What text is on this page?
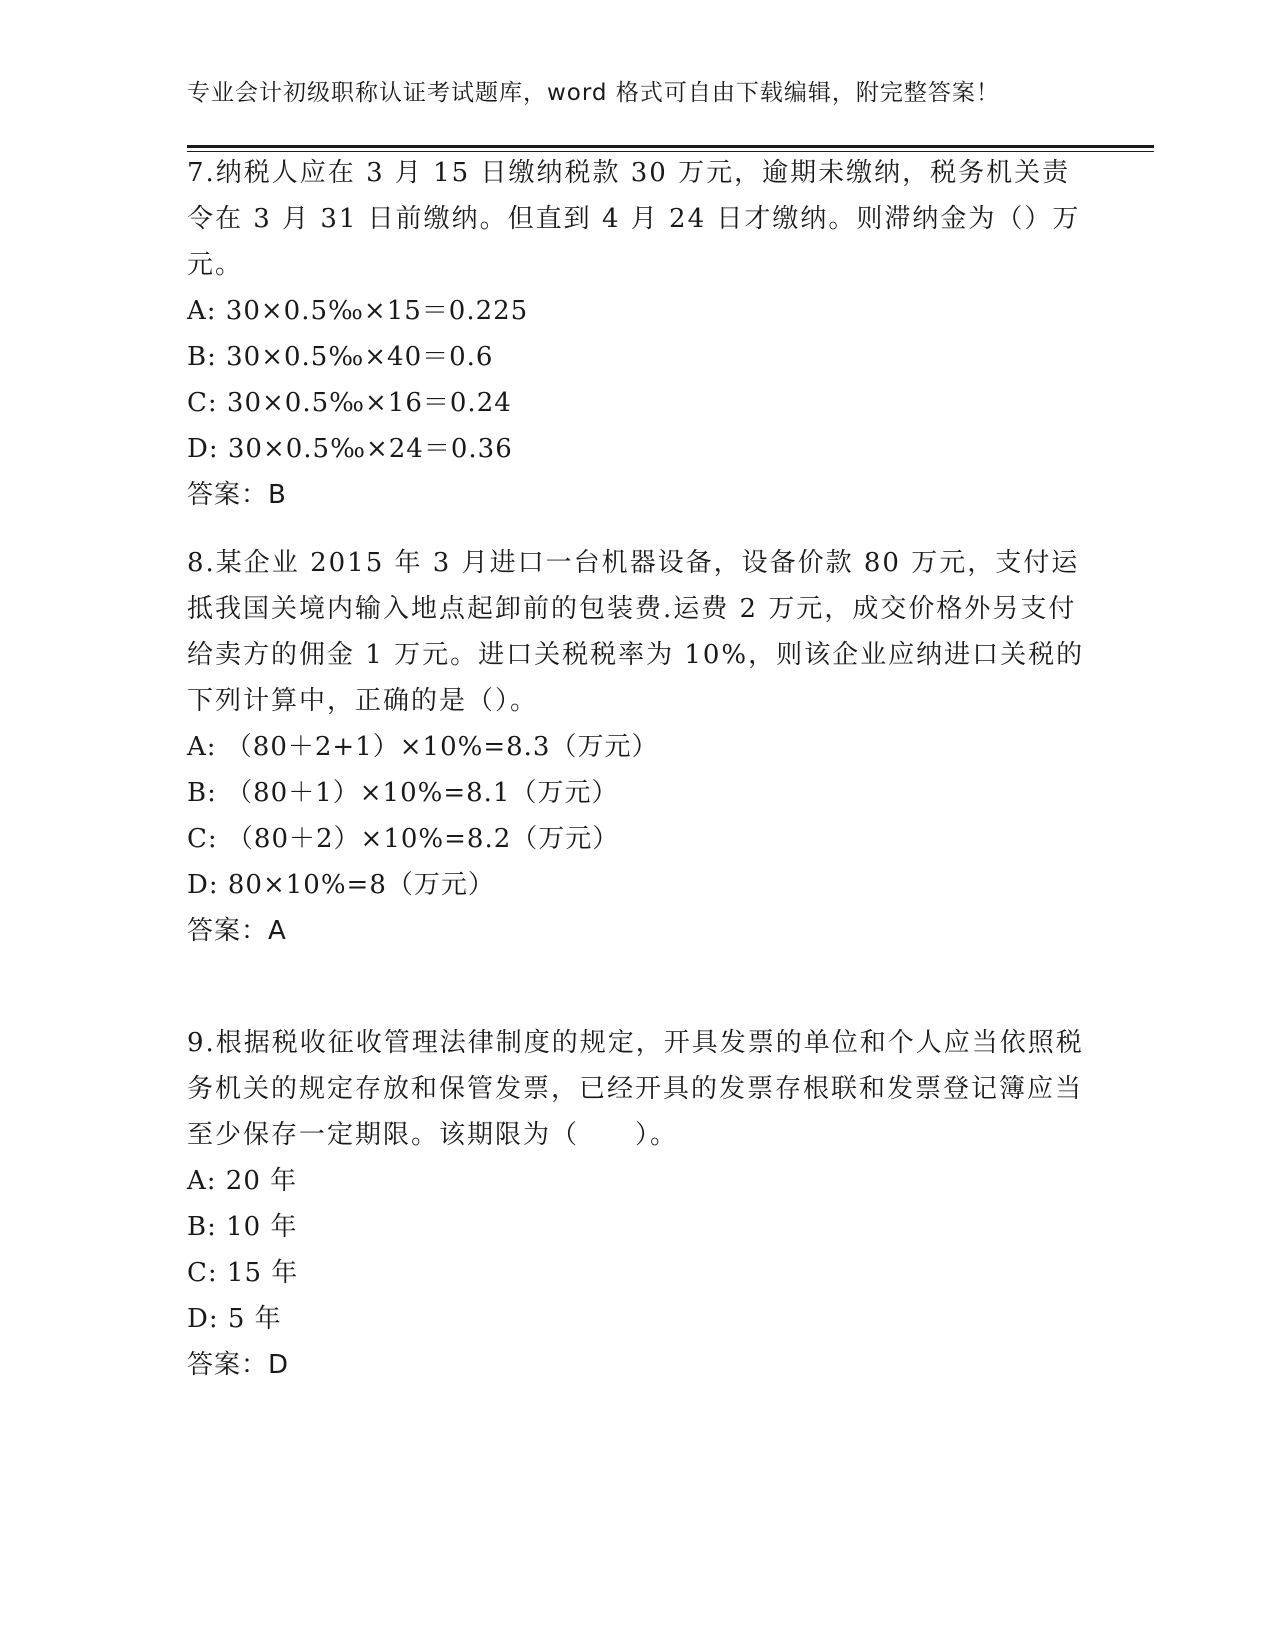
专业会计初级职称认证考试题库，word 格式可自由下载编辑，附完整答案！

7.纳税人应在 3 月 15 日缴纳税款 30 万元，逾期未缴纳，税务机关责令在 3 月 31 日前缴纳。但直到 4 月 24 日才缴纳。则滞纳金为（）万元。

A: 30×0.5‰×15＝0.225

B: 30×0.5‰×40＝0.6

C: 30×0.5‰×16＝0.24

D: 30×0.5‰×24＝0.36

答案：B

8.某企业 2015 年 3 月进口一台机器设备，设备价款 80 万元，支付运抵我国关境内输入地点起卸前的包装费.运费 2 万元，成交价格外另支付给卖方的佣金 1 万元。进口关税税率为 10%，则该企业应纳进口关税的下列计算中，正确的是（）。

A: （80＋2+1）×10%=8.3（万元）

B: （80＋1）×10%=8.1（万元）

C: （80＋2）×10%=8.2（万元）

D: 80×10%=8（万元）

答案：A

9.根据税收征收管理法律制度的规定，开具发票的单位和个人应当依照税务机关的规定存放和保管发票，已经开具的发票存根联和发票登记簿应当至少保存一定期限。该期限为（　　）。

A: 20 年

B: 10 年

C: 15 年

D: 5 年

答案：D
